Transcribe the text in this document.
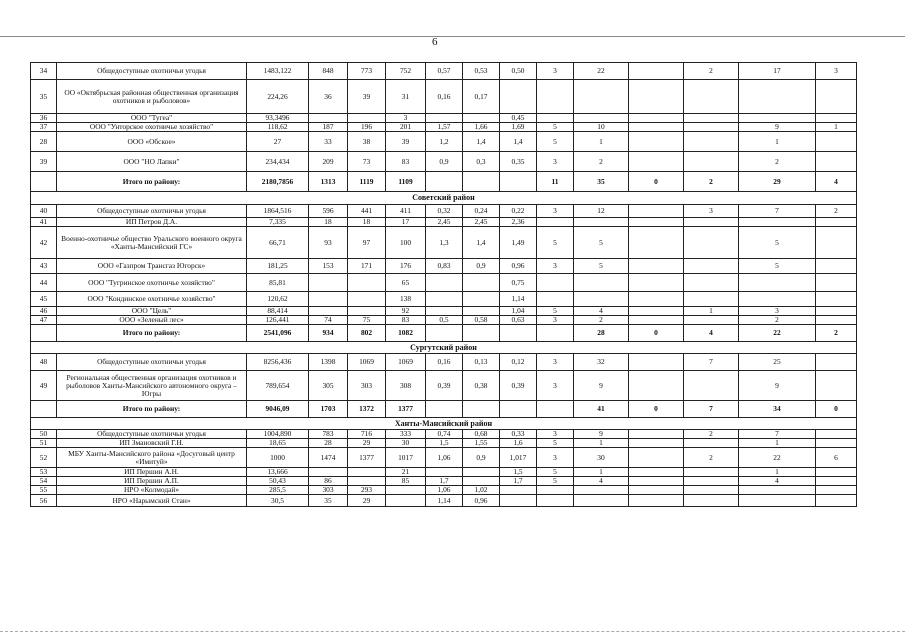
6
34	Общедоступные охотничьи угодья	1483,122	848	773	752	0,57	0,53	0,50	3	22		2	17	3
35	ОО «Октябрьская районная общественная организация охотников и рыболовов»	224,26	36	39	31	0,16	0,17							
36	ООО "Тугеа"	93,3496			3			0,45						
37	ООО "Унторское охотничье хозяйство"	118,62	187	196	201	1,57	1,66	1,69	5	10			9	1
28	ООО «Обское»	27	33	38	39	1,2	1,4	1,4	5	1			1	
39	ООО "НО Лапки"	234,434	209	73	83	0,9	0,3	0,35	3	2			2	
	Итого по району:	2180,7856	1313	1119	1109				11	35	0	2	29	4
Советский район														
40	Общедоступные охотничьи угодья	1864,516	596	441	411	0,32	0,24	0,22	3	12		3	7	2
41	ИП Петров Д.А.	7,335	18	18	17	2,45	2,45	2,36						
42	Военно-охотничье общество Уральского военного округа «Ханты-Мансийский ГС»	66,71	93	97	100	1,3	1,4	1,49	5	5			5	
43	ООО «Газпром Трансгаз Югорск»	181,25	153	171	176	0,83	0,9	0,96	3	5			5	
44	ООО "Тугринское охотничье хозяйство"	85,81			65			0,75						
45	ООО "Кондинское охотничье хозяйство"	120,62			138			1,14						
46	ООО "Цель"	88,414			92			1,04	5	4		1	3	
47	ООО «Зеленый лес»	126,441	74	75	83	0,5	0,58	0,63	3	2			2	
	Итого по району:	2541,096	934	802	1082					28	0	4	22	2
Сургутский район														
48	Общедоступные охотничьи угодья	8256,436	1398	1069	1069	0,16	0,13	0,12	3	32		7	25	
49	Региональная общественная организация охотников и рыболовов Ханты-Мансийского автономного округа – Югры	789,654	305	303	308	0,39	0,38	0,39	3	9			9	
	Итого по району:	9046,09	1703	1372	1377					41	0	7	34	0
Ханты-Мансийский район														
50	Общедоступные охотничьи угодья	1004,890	783	716	333	0,74	0,68	0,33	3	9		2	7	
51	ИП Змановский Г.Н.	18,65	28	29	30	1,5	1,55	1,6	5	1			1	
52	МБУ Ханты-Мансийского района «Досуговый центр «Имитуй»	1000	1474	1377	1017	1,06	0,9	1,017	3	30		2	22	6
53	ИП Першин А.Н.	13,666			21			1,5	5	1			1	
54	ИП Першин А.П.	50,43	86		85	1,7		1,7	5	4			4	
55	НРО «Колмодай»	285,5	303	293		1,06	1,02							
56	НРО «Нарымский Стан»	30,5	35	29		1,14	0,96							
